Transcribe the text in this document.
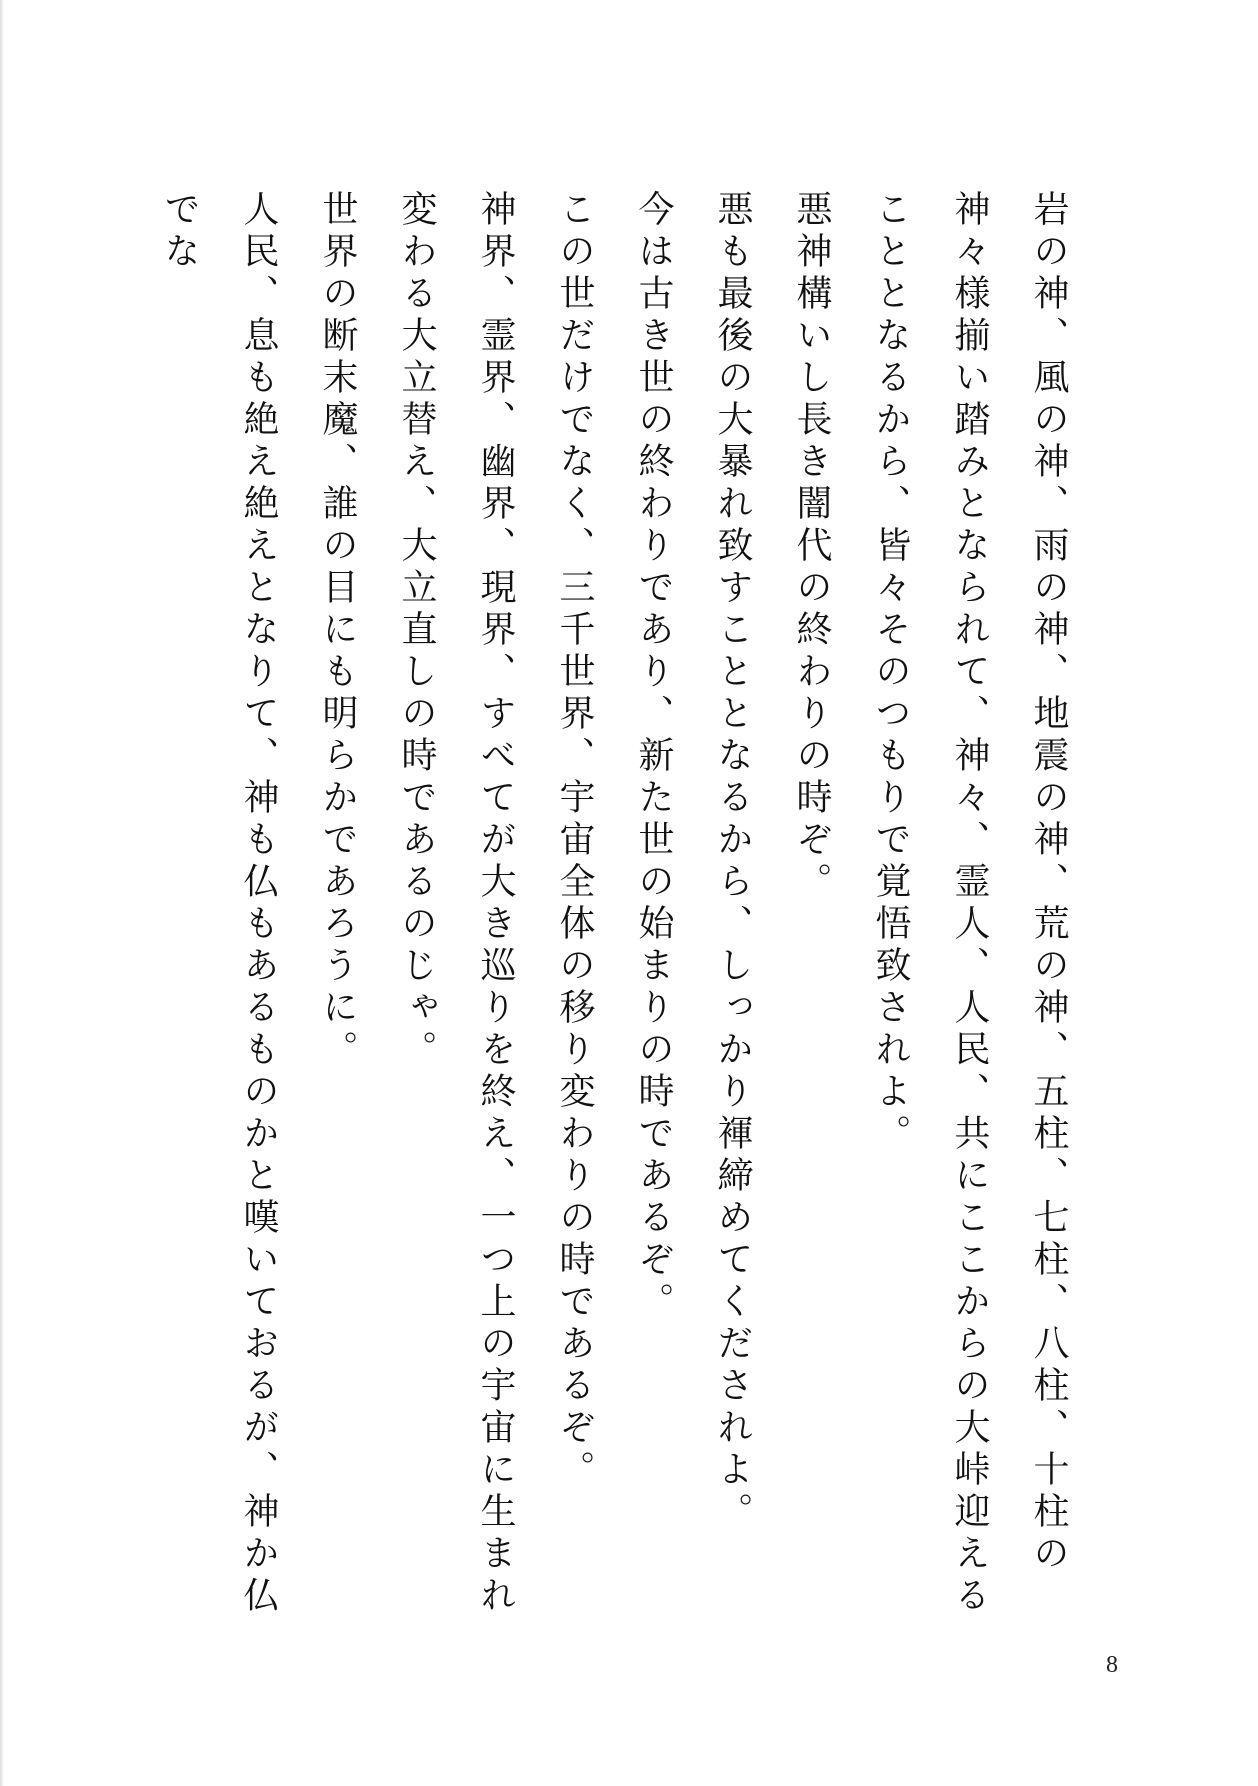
岩の神、風の神、雨の神、地震の神、荒の神、五柱、七柱、八柱、十柱の神々様揃い踏みとなられて、神々、霊人、人民、共にここからの大峠迎えることとなるから、皆々そのつもりで覚悟致されよ。

悪神構いし長き闇代の終わりの時ぞ。

悪も最後の大暴れ致すこととなるから、しっかり褌締めてくだされよ。

今は古き世の終わりであり、新た世の始まりの時であるぞ。

この世だけでなく、三千世界、宇宙全体の移り変わりの時であるぞ。

神界、霊界、幽界、現界、すべてが大き巡りを終え、一つ上の宇宙に生まれ変わる大立替え、大立直しの時であるのじゃ。

世界の断末魔、誰の目にも明らかであろうに。

人民、息も絶え絶えとなりて、神も仏もあるものかと嘆いておるが、神か仏でな

8
